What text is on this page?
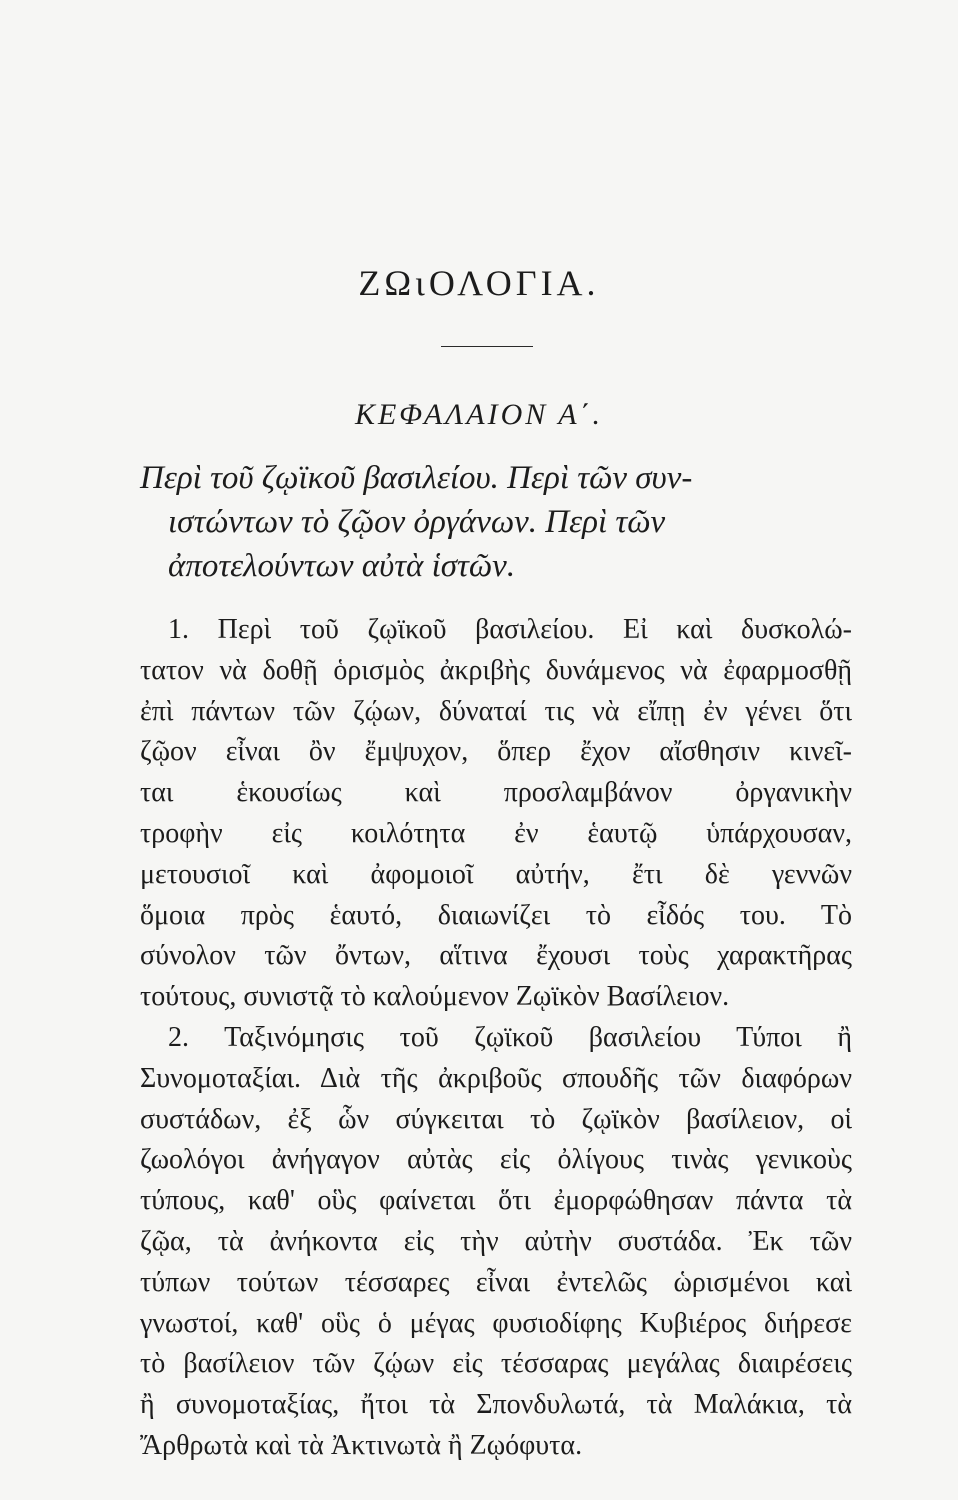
ΖΩιΟΛΟΓΙΑ.
ΚΕΦΑΛΑΙΟΝ Α΄.
Περὶ τοῦ ζῳϊκοῦ βασιλείου. Περὶ τῶν συν-
ιστώντων τὸ ζῷον ὀργάνων. Περὶ τῶν
ἀποτελούντων αὐτὰ ἱστῶν.
1. Περὶ τοῦ ζῳϊκοῦ βασιλείου. Εἰ καὶ δυσκολώ-
τατον νὰ δοθῇ ὁρισμὸς ἀκριβὴς δυνάμενος νὰ ἐφαρμοσθῇ
ἐπὶ πάντων τῶν ζῴων, δύναταί τις νὰ εἴπῃ ἐν γένει ὅτι
ζῷον εἶναι ὂν ἔμψυχον, ὅπερ ἔχον αἴσθησιν κινεῖ-
ται ἑκουσίως καὶ προσλαμβάνον ὀργανικὴν
τροφὴν εἰς κοιλότητα ἐν ἑαυτῷ ὑπάρχουσαν,
μετουσιοῖ καὶ ἀφομοιοῖ αὐτήν, ἔτι δὲ γεννῶν
ὅμοια πρὸς ἑαυτό, διαιωνίζει τὸ εἶδός του. Τὸ
σύνολον τῶν ὄντων, αἵτινα ἔχουσι τοὺς χαρακτῆρας
τούτους, συνιστᾷ τὸ καλούμενον Ζῳϊκὸν Βασίλειον.
2. Ταξινόμησις τοῦ ζῳϊκοῦ βασιλείου Τύποι ἢ
Συνομοταξίαι. Διὰ τῆς ἀκριβοῦς σπουδῆς τῶν διαφόρων
συστάδων, ἐξ ὧν σύγκειται τὸ ζῳϊκὸν βασίλειον, οἱ
ζωολόγοι ἀνήγαγον αὐτὰς εἰς ὀλίγους τινὰς γενικοὺς
τύπους, καθ' οὓς φαίνεται ὅτι ἐμορφώθησαν πάντα τὰ
ζῷα, τὰ ἀνήκοντα εἰς τὴν αὐτὴν συστάδα. Ἐκ τῶν
τύπων τούτων τέσσαρες εἶναι ἐντελῶς ὡρισμένοι καὶ
γνωστοί, καθ' οὓς ὁ μέγας φυσιοδίφης Κυβιέρος διήρεσε
τὸ βασίλειον τῶν ζῴων εἰς τέσσαρας μεγάλας διαιρέσεις
ἢ συνομοταξίας, ἤτοι τὰ Σπονδυλωτά, τὰ Μαλάκια, τὰ
Ἄρθρωτὰ καὶ τὰ Ἀκτινωτὰ ἢ Ζῳόφυτα.
